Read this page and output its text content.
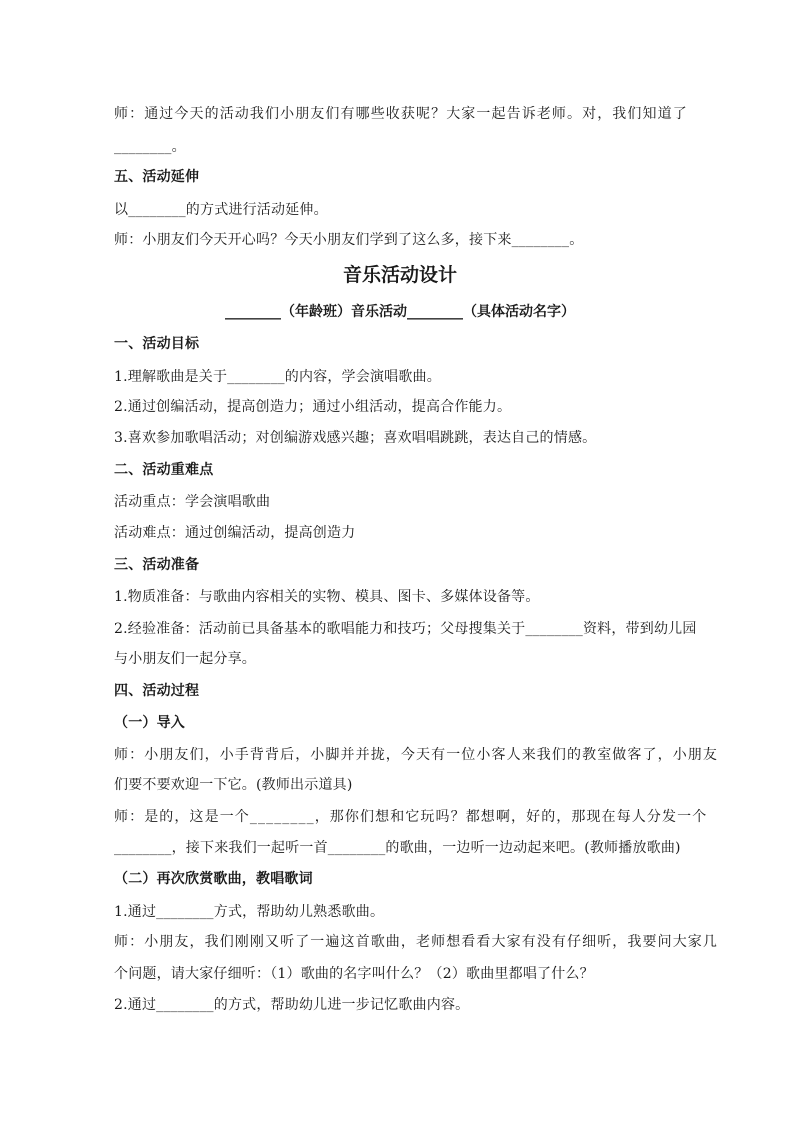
师：通过今天的活动我们小朋友们有哪些收获呢？大家一起告诉老师。对，我们知道了
________。
五、活动延伸
以________的方式进行活动延伸。
师：小朋友们今天开心吗？今天小朋友们学到了这么多，接下来________。
音乐活动设计
________（年龄班）音乐活动________（具体活动名字）
一、活动目标
1.理解歌曲是关于________的内容，学会演唱歌曲。
2.通过创编活动，提高创造力；通过小组活动，提高合作能力。
3.喜欢参加歌唱活动；对创编游戏感兴趣；喜欢唱唱跳跳，表达自己的情感。
二、活动重难点
活动重点：学会演唱歌曲
活动难点：通过创编活动，提高创造力
三、活动准备
1.物质准备：与歌曲内容相关的实物、模具、图卡、多媒体设备等。
2.经验准备：活动前已具备基本的歌唱能力和技巧；父母搜集关于________资料，带到幼儿园
与小朋友们一起分享。
四、活动过程
（一）导入
师：小朋友们，小手背背后，小脚并并拢，今天有一位小客人来我们的教室做客了，小朋友
们要不要欢迎一下它。(教师出示道具)
师：是的，这是一个________，那你们想和它玩吗？都想啊，好的，那现在每人分发一个
________，接下来我们一起听一首________的歌曲，一边听一边动起来吧。(教师播放歌曲)
（二）再次欣赏歌曲，教唱歌词
1.通过________方式，帮助幼儿熟悉歌曲。
师：小朋友，我们刚刚又听了一遍这首歌曲，老师想看看大家有没有仔细听，我要问大家几
个问题，请大家仔细听：（1）歌曲的名字叫什么？（2）歌曲里都唱了什么？
2.通过________的方式，帮助幼儿进一步记忆歌曲内容。
